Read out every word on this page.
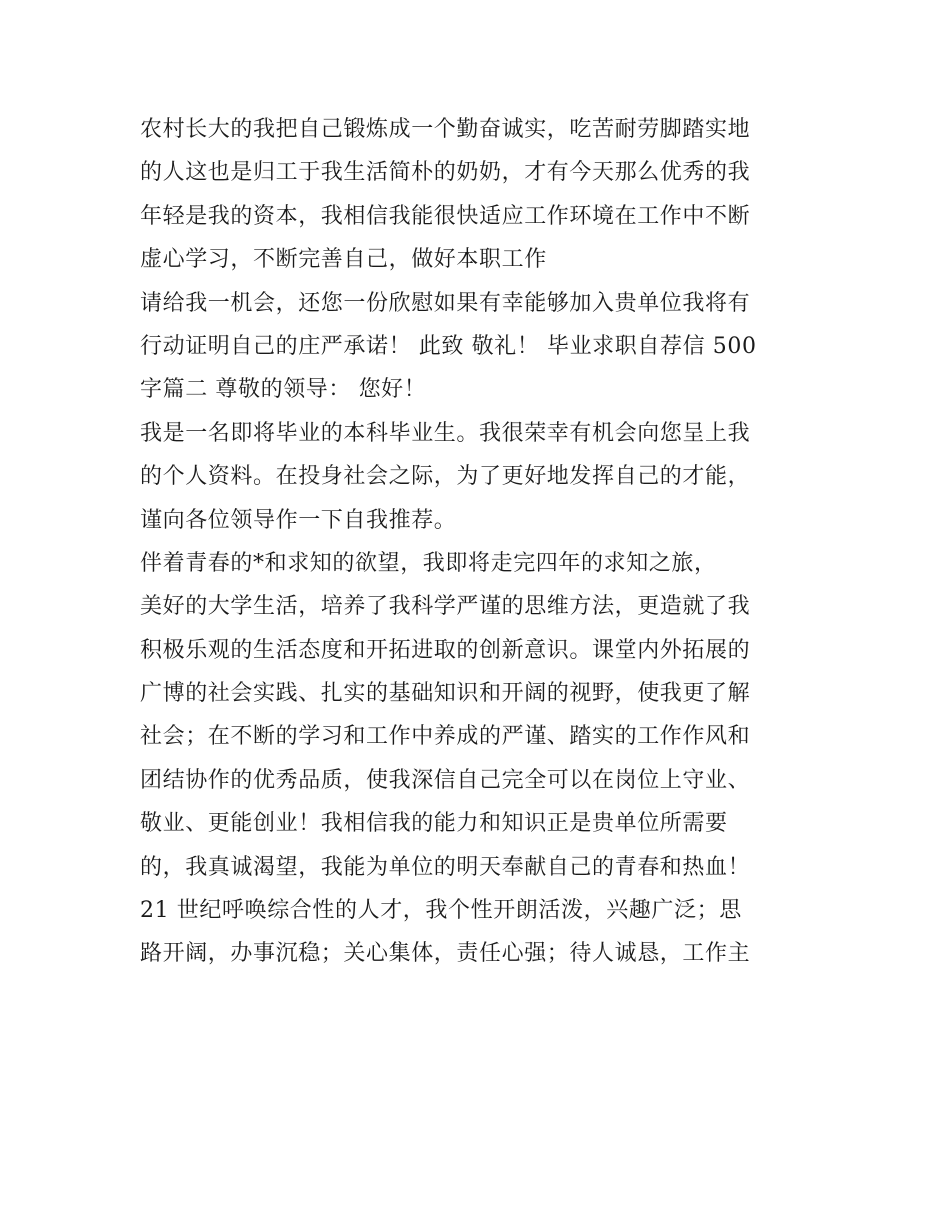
农村长大的我把自己锻炼成一个勤奋诚实，吃苦耐劳脚踏实地
的人这也是归工于我生活简朴的奶奶，才有今天那么优秀的我
年轻是我的资本，我相信我能很快适应工作环境在工作中不断
虚心学习，不断完善自己，做好本职工作
请给我一机会，还您一份欣慰如果有幸能够加入贵单位我将有
行动证明自己的庄严承诺！ 此致 敬礼！ 毕业求职自荐信 500
字篇二 尊敬的领导： 您好！
我是一名即将毕业的本科毕业生。我很荣幸有机会向您呈上我
的个人资料。在投身社会之际，为了更好地发挥自己的才能，
谨向各位领导作一下自我推荐。
伴着青春的*和求知的欲望，我即将走完四年的求知之旅，
美好的大学生活，培养了我科学严谨的思维方法，更造就了我
积极乐观的生活态度和开拓进取的创新意识。课堂内外拓展的
广博的社会实践、扎实的基础知识和开阔的视野，使我更了解
社会；在不断的学习和工作中养成的严谨、踏实的工作作风和
团结协作的优秀品质，使我深信自己完全可以在岗位上守业、
敬业、更能创业！我相信我的能力和知识正是贵单位所需要
的，我真诚渴望，我能为单位的明天奉献自己的青春和热血！
21 世纪呼唤综合性的人才，我个性开朗活泼，兴趣广泛；思
路开阔，办事沉稳；关心集体，责任心强；待人诚恳，工作主
